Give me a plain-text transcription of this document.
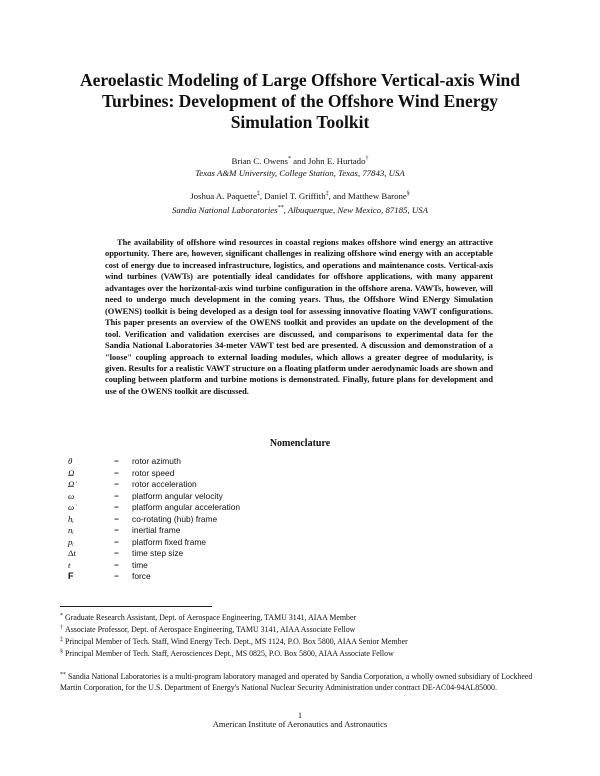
Aeroelastic Modeling of Large Offshore Vertical-axis Wind Turbines: Development of the Offshore Wind Energy Simulation Toolkit
Brian C. Owens* and John E. Hurtado†
Texas A&M University, College Station, Texas, 77843, USA
Joshua A. Paquette‡, Daniel T. Griffith‡, and Matthew Barone§
Sandia National Laboratories**, Albuquerque, New Mexico, 87185, USA
The availability of offshore wind resources in coastal regions makes offshore wind energy an attractive opportunity. There are, however, significant challenges in realizing offshore wind energy with an acceptable cost of energy due to increased infrastructure, logistics, and operations and maintenance costs. Vertical-axis wind turbines (VAWTs) are potentially ideal candidates for offshore applications, with many apparent advantages over the horizontal-axis wind turbine configuration in the offshore arena. VAWTs, however, will need to undergo much development in the coming years. Thus, the Offshore Wind ENergy Simulation (OWENS) toolkit is being developed as a design tool for assessing innovative floating VAWT configurations. This paper presents an overview of the OWENS toolkit and provides an update on the development of the tool. Verification and validation exercises are discussed, and comparisons to experimental data for the Sandia National Laboratories 34-meter VAWT test bed are presented. A discussion and demonstration of a "loose" coupling approach to external loading modules, which allows a greater degree of modularity, is given. Results for a realistic VAWT structure on a floating platform under aerodynamic loads are shown and coupling between platform and turbine motions is demonstrated. Finally, future plans for development and use of the OWENS toolkit are discussed.
Nomenclature
θ	= rotor azimuth
Ω	= rotor speed
Ω̇	= rotor acceleration
ω	= platform angular velocity
ω̇	= platform angular acceleration
hᵢ	= co-rotating (hub) frame
nᵢ	= inertial frame
pᵢ	= platform fixed frame
Δt	= time step size
t	= time
F	= force
* Graduate Research Assistant, Dept. of Aerospace Engineering, TAMU 3141, AIAA Member
† Associate Professor, Dept. of Aerospace Engineering, TAMU 3141, AIAA Associate Fellow
‡ Principal Member of Tech. Staff, Wind Energy Tech. Dept., MS 1124, P.O. Box 5800, AIAA Senior Member
§ Principal Member of Tech. Staff, Aerosciences Dept., MS 0825, P.O. Box 5800, AIAA Associate Fellow
** Sandia National Laboratories is a multi-program laboratory managed and operated by Sandia Corporation, a wholly owned subsidiary of Lockheed Martin Corporation, for the U.S. Department of Energy's National Nuclear Security Administration under contract DE-AC04-94AL85000.
1
American Institute of Aeronautics and Astronautics
